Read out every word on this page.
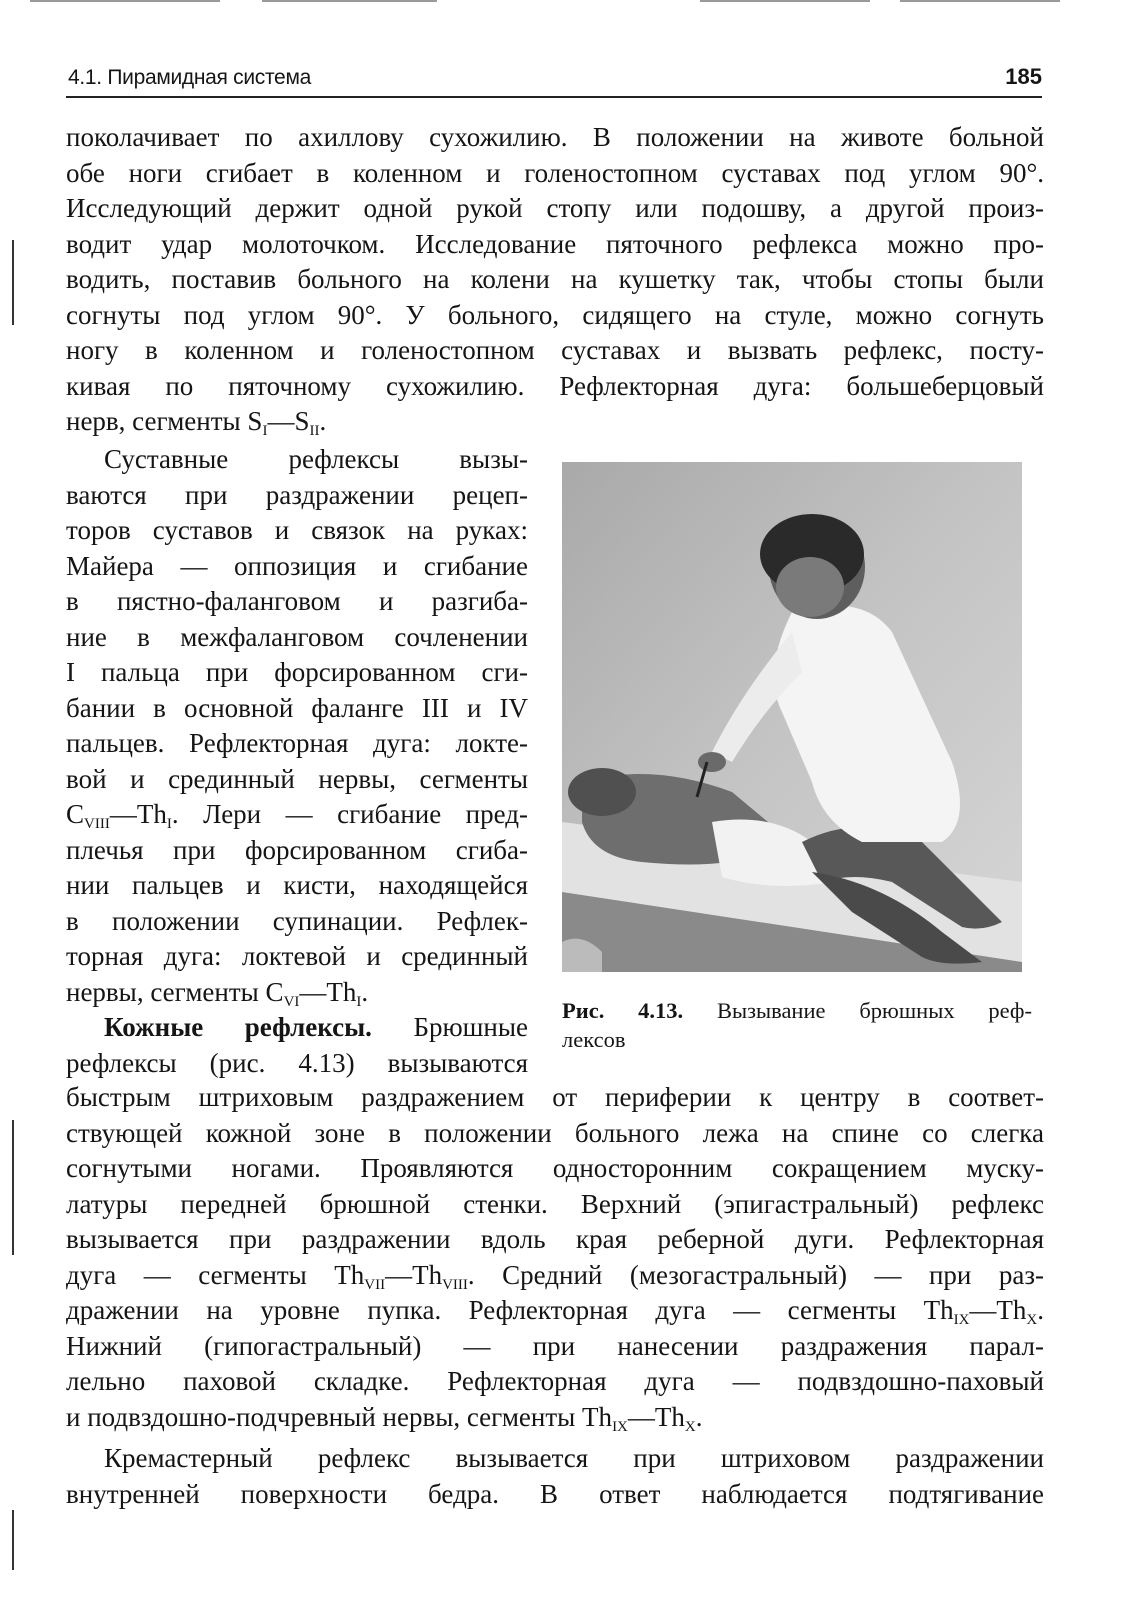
4.1. Пирамидная система	185
поколачивает по ахиллову сухожилию. В положении на животе больной
обе ноги сгибает в коленном и голеностопном суставах под углом 90°.
Исследующий держит одной рукой стопу или подошву, а другой произ-
водит удар молоточком. Исследование пяточного рефлекса можно про-
водить, поставив больного на колени на кушетку так, чтобы стопы были
согнуты под углом 90°. У больного, сидящего на стуле, можно согнуть
ногу в коленном и голеностопном суставах и вызвать рефлекс, посту-
кивая по пяточному сухожилию. Рефлекторная дуга: большеберцовый
нерв, сегменты $S_I—S_{II}$.
Суставные рефлексы вызы-
ваются при раздражении рецеп-
торов суставов и связок на руках:
Майера — оппозиция и сгибание
в пястно-фаланговом и разгиба-
ние в межфаланговом сочленении
I пальца при форсированном сги-
бании в основной фаланге III и IV
пальцев. Рефлекторная дуга: локте-
вой и срединный нервы, сегменты
$C_{VIII}—Th_I$. Лери — сгибание пред-
плечья при форсированном сгиба-
нии пальцев и кисти, находящейся
в положении супинации. Рефлек-
торная дуга: локтевой и срединный
нервы, сегменты $C_{VI}—Th_I$.
Кожные рефлексы. Брюшные
рефлексы (рис. 4.13) вызываются
быстрым штриховым раздражением от периферии к центру в соответ-
ствующей кожной зоне в положении больного лежа на спине со слегка
согнутыми ногами. Проявляются односторонним сокращением муску-
латуры передней брюшной стенки. Верхний (эпигастральный) рефлекс
вызывается при раздражении вдоль края реберной дуги. Рефлекторная
дуга — сегменты $Th_{VII}—Th_{VIII}$. Средний (мезогастральный) — при раз-
дражении на уровне пупка. Рефлекторная дуга — сегменты $Th_{IX}—Th_X$.
Нижний (гипогастральный) — при нанесении раздражения парал-
лельно паховой складке. Рефлекторная дуга — подвздошно-паховый
и подвздошно-подчревный нервы, сегменты $Th_{IX}—Th_X$.
Кремастерный рефлекс вызывается при штриховом раздражении
внутренней поверхности бедра. В ответ наблюдается подтягивание
Рис. 4.13. Вызывание брюшных реф-
лексов
